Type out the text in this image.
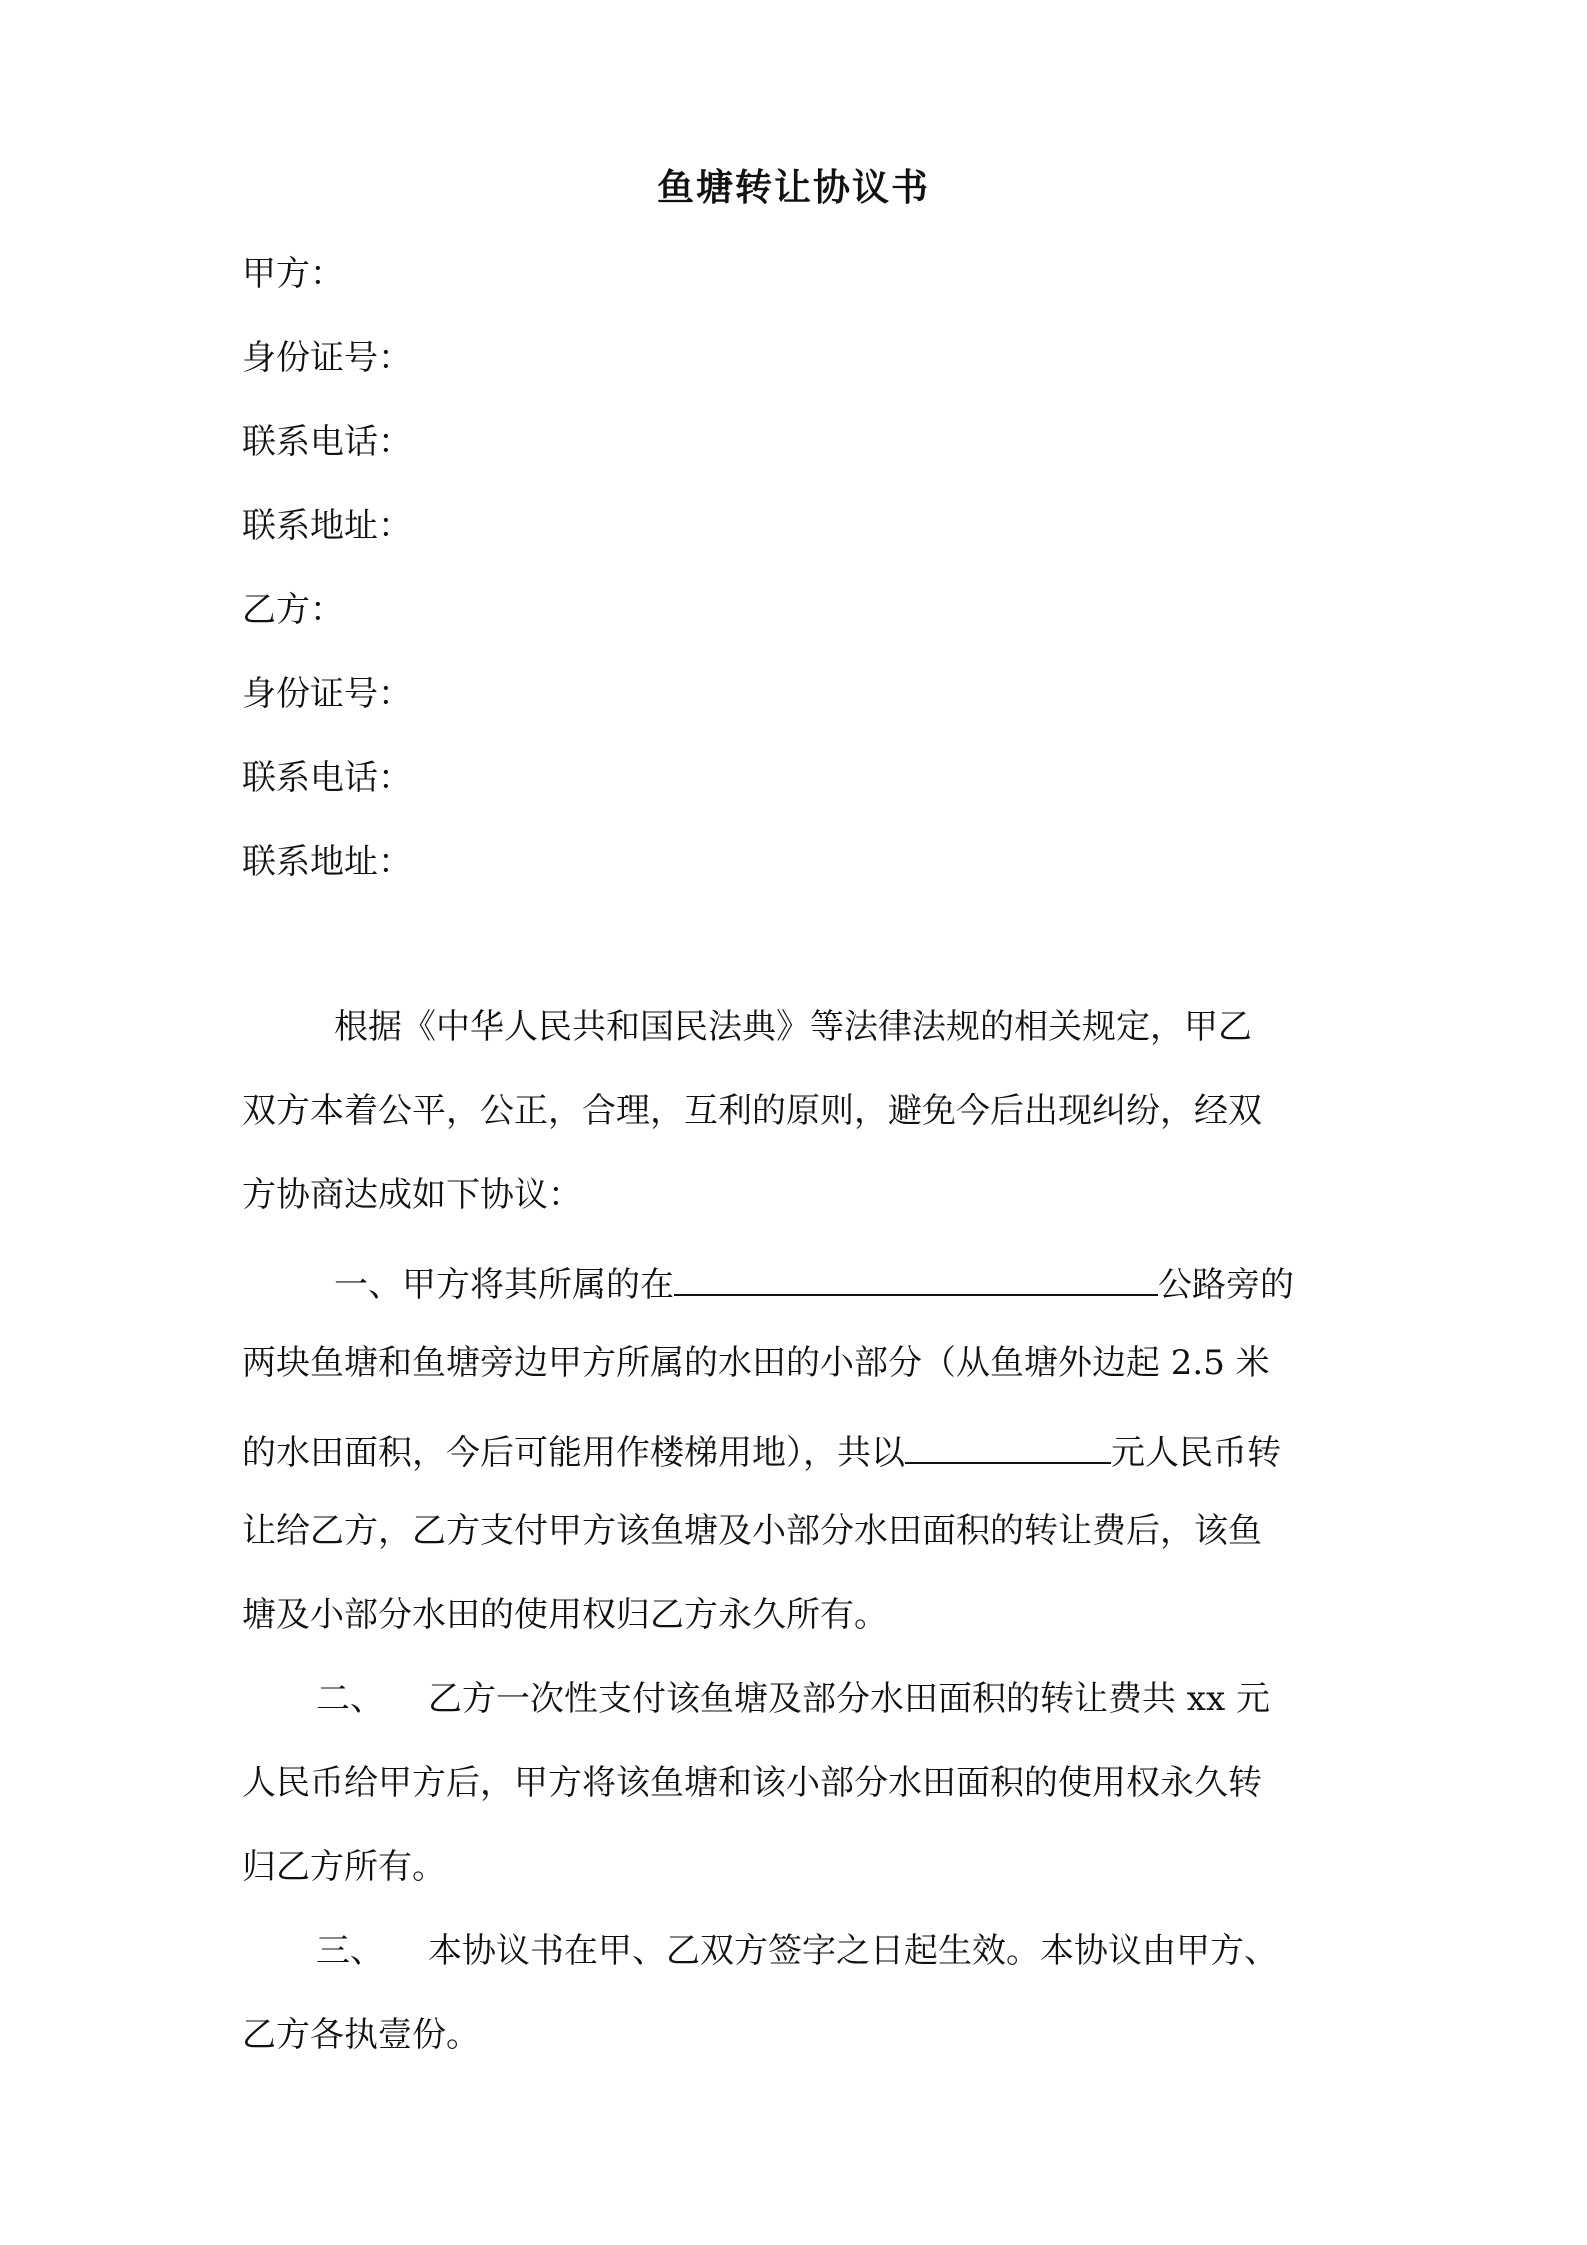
鱼塘转让协议书
甲方：
身份证号：
联系电话：
联系地址：
乙方：
身份证号：
联系电话：
联系地址：
根据《中华人民共和国民法典》等法律法规的相关规定，甲乙
双方本着公平，公正，合理，互利的原则，避免今后出现纠纷，经双
方协商达成如下协议：
一、甲方将其所属的在	公路旁的
两块鱼塘和鱼塘旁边甲方所属的水田的小部分（从鱼塘外边起 2.5 米
的水田面积，今后可能用作楼梯用地），共以	元人民币转
让给乙方，乙方支付甲方该鱼塘及小部分水田面积的转让费后，该鱼
塘及小部分水田的使用权归乙方永久所有。
二、 乙方一次性支付该鱼塘及部分水田面积的转让费共 xx 元
人民币给甲方后，甲方将该鱼塘和该小部分水田面积的使用权永久转
归乙方所有。
三、 本协议书在甲、乙双方签字之日起生效。本协议由甲方、
乙方各执壹份。
